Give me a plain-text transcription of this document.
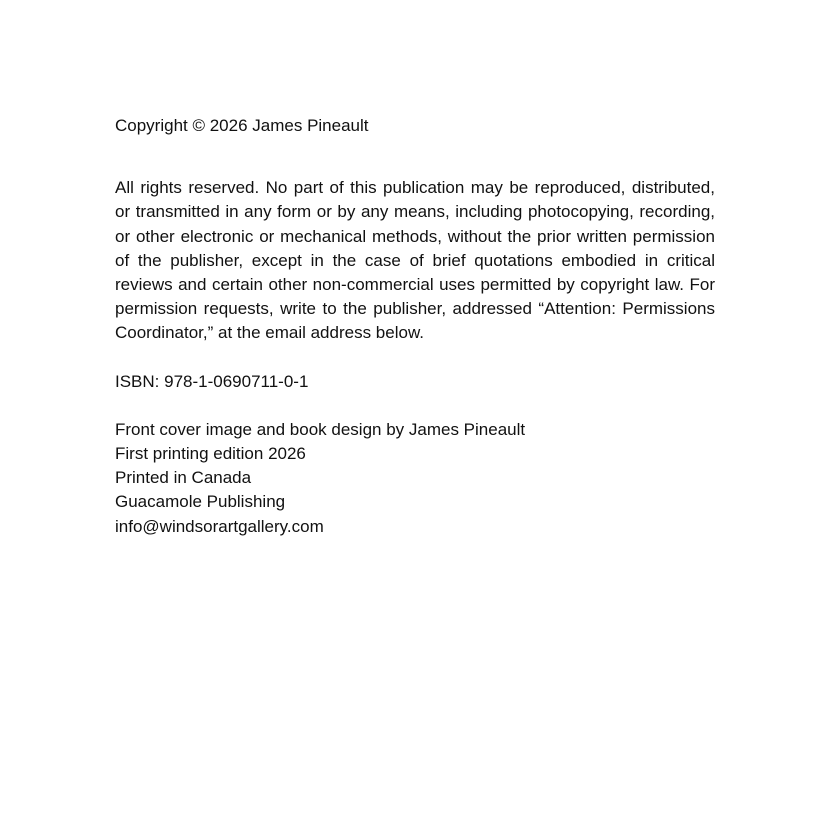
Copyright © 2026 James Pineault

All rights reserved. No part of this publication may be reproduced, distributed, or transmitted in any form or by any means, including photocopying, recording, or other electronic or mechanical methods, without the prior written permission of the publisher, except in the case of brief quotations embodied in critical reviews and certain other non-commercial uses permitted by copyright law. For permission requests, write to the publisher, addressed “Attention: Permissions Coordinator,” at the email address below.

ISBN: 978-1-0690711-0-1

Front cover image and book design by James Pineault
First printing edition 2026
Printed in Canada
Guacamole Publishing
info@windsorartgallery.com
